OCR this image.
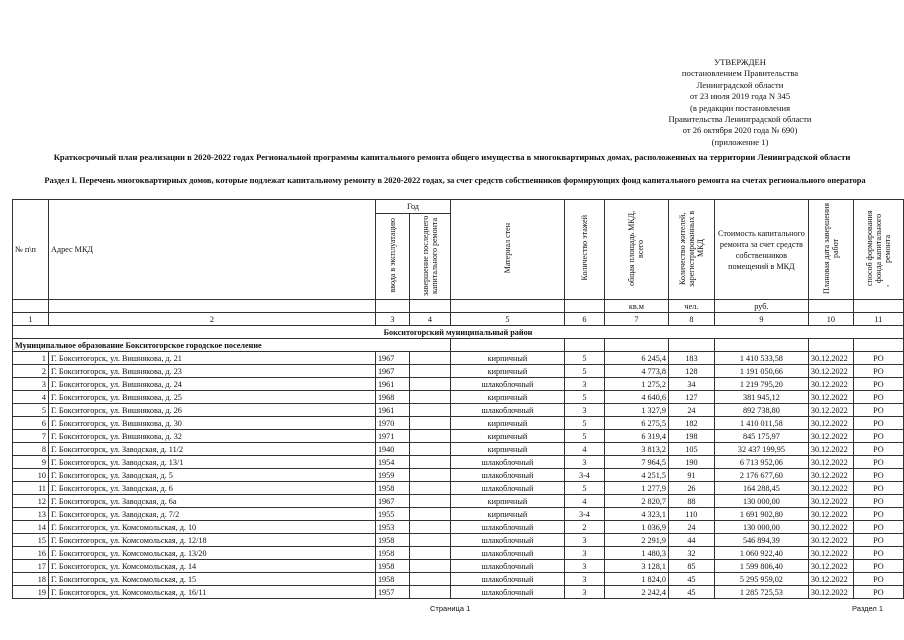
УТВЕРЖДЕН
постановлением Правительства
Ленинградской области
от 23 июля 2019 года N 345
(в редакции постановления
Правительства Ленинградской области
от 26 октября 2020 года № 690)
(приложение 1)
Краткосрочный план реализации в 2020-2022 годах Региональной программы капитального ремонта общего имущества в многоквартирных домах, расположенных на территории Ленинградской области
Раздел I. Перечень многоквартирных домов, которые подлежат капитальному ремонту в 2020-2022 годах, за счет средств собственников формирующих фонд капитального ремонта на счетах регионального оператора
,
№ п\п	Адрес МКД	Год		Материал стен	Количество этажей	общая площадь МКД, всего	Количество жителей, зарегистрированных в МКД	Стоимость капитального ремонта за счет средств собственников помещений в МКД	Плановая дата завершения работ	способ формирования фонда капитального ремонта
		ввода в эксплуатацию	завершение последнего капитального ремонта							
						кв.м	чел.	руб.		
1	2	3	4	5	6	7	8	9	10	11
Бокситогорский муниципальный район										
Муниципальное образование Бокситогорское городское поселение										
1	Г. Бокситогорск, ул. Вишнякова, д. 21	1967		кирпичный	5	6 245,4	183	1 410 533,58	30.12.2022	РО
2	Г. Бокситогорск, ул. Вишнякова, д. 23	1967		кирпичный	5	4 773,8	128	1 191 050,66	30.12.2022	РО
3	Г. Бокситогорск, ул. Вишнякова, д. 24	1961		шлакоблочный	3	1 275,2	34	1 219 795,20	30.12.2022	РО
4	Г. Бокситогорск, ул. Вишнякова, д. 25	1968		кирпичный	5	4 640,6	127	381 945,12	30.12.2022	РО
5	Г. Бокситогорск, ул. Вишнякова, д. 26	1961		шлакоблочный	3	1 327,9	24	892 738,80	30.12.2022	РО
6	Г. Бокситогорск, ул. Вишнякова, д. 30	1970		кирпичный	5	6 275,5	182	1 410 011,58	30.12.2022	РО
7	Г. Бокситогорск, ул. Вишнякова, д. 32	1971		кирпичный	5	6 319,4	198	845 175,97	30.12.2022	РО
8	Г. Бокситогорск, ул. Заводская, д. 11/2	1940		кирпичный	4	3 813,2	105	32 437 199,95	30.12.2022	РО
9	Г. Бокситогорск, ул. Заводская, д. 13/1	1954		шлакоблочный	3	7 964,5	190	6 713 952,06	30.12.2022	РО
10	Г. Бокситогорск, ул. Заводская, д. 5	1959		шлакоблочный	3-4	4 251,5	91	2 176 677,60	30.12.2022	РО
11	Г. Бокситогорск, ул. Заводская, д. 6	1958		шлакоблочный	5	1 277,9	26	164 288,45	30.12.2022	РО
12	Г. Бокситогорск, ул. Заводская, д. 6а	1967		кирпичный	4	2 820,7	88	130 000,00	30.12.2022	РО
13	Г. Бокситогорск, ул. Заводская, д. 7/2	1955		кирпичный	3-4	4 323,1	110	1 691 902,80	30.12.2022	РО
14	Г. Бокситогорск, ул. Комсомольская, д. 10	1953		шлакоблочный	2	1 036,9	24	130 000,00	30.12.2022	РО
15	Г. Бокситогорск, ул. Комсомольская, д. 12/18	1958		шлакоблочный	3	2 291,9	44	546 894,39	30.12.2022	РО
16	Г. Бокситогорск, ул. Комсомольская, д. 13/20	1958		шлакоблочный	3	1 480,3	32	1 060 922,40	30.12.2022	РО
17	Г. Бокситогорск, ул. Комсомольская, д. 14	1958		шлакоблочный	3	3 128,1	85	1 599 806,40	30.12.2022	РО
18	Г. Бокситогорск, ул. Комсомольская, д. 15	1958		шлакоблочный	3	1 824,0	45	5 295 959,02	30.12.2022	РО
19	Г. Бокситогорск, ул. Комсомольская, д. 16/11	1957		шлакоблочный	3	2 242,4	45	1 285 725,53	30.12.2022	РО
Страница 1	Раздел 1
